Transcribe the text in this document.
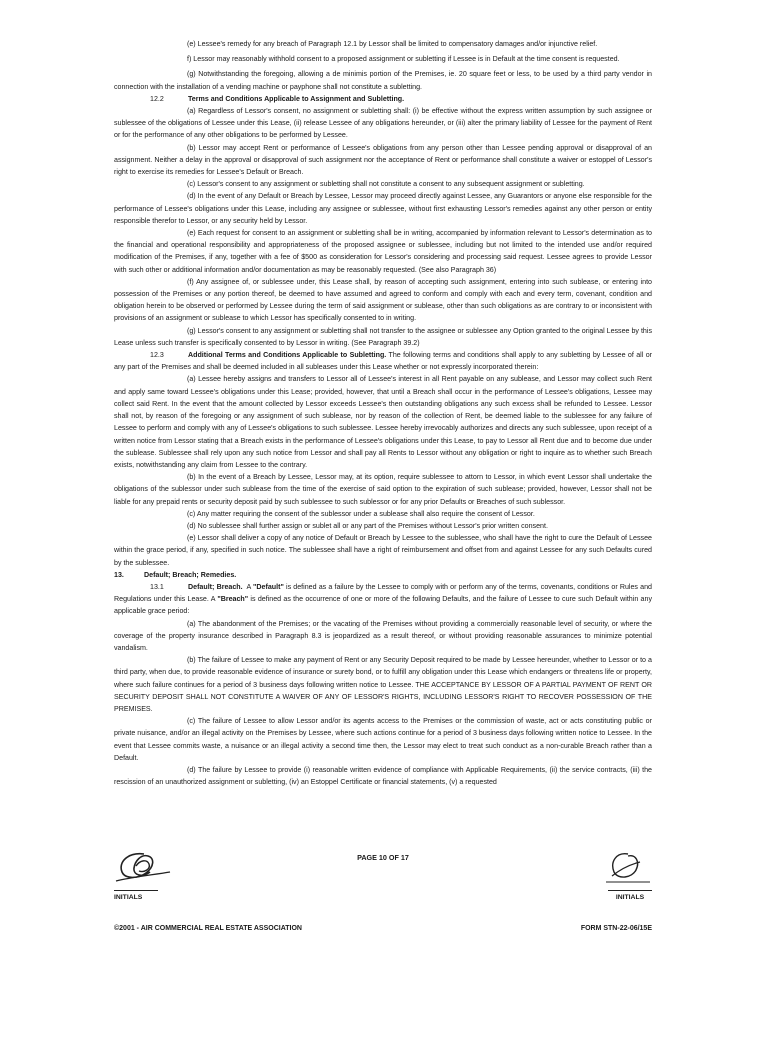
(e) Lessee's remedy for any breach of Paragraph 12.1 by Lessor shall be limited to compensatory damages and/or injunctive relief.

f) Lessor may reasonably withhold consent to a proposed assignment or subletting if Lessee is in Default at the time consent is requested.

(g) Notwithstanding the foregoing, allowing a de minimis portion of the Premises, ie. 20 square feet or less, to be used by a third party vendor in connection with the installation of a vending machine or payphone shall not constitute a subletting.

12.2	Terms and Conditions Applicable to Assignment and Subletting.

(a) Regardless of Lessor's consent, no assignment or subletting shall: (i) be effective without the express written assumption by such assignee or sublessee of the obligations of Lessee under this Lease, (ii) release Lessee of any obligations hereunder, or (iii) alter the primary liability of Lessee for the payment of Rent or for the performance of any other obligations to be performed by Lessee.

(b) Lessor may accept Rent or performance of Lessee's obligations from any person other than Lessee pending approval or disapproval of an assignment. Neither a delay in the approval or disapproval of such assignment nor the acceptance of Rent or performance shall constitute a waiver or estoppel of Lessor's right to exercise its remedies for Lessee's Default or Breach.

(c) Lessor's consent to any assignment or subletting shall not constitute a consent to any subsequent assignment or subletting.

(d) In the event of any Default or Breach by Lessee, Lessor may proceed directly against Lessee, any Guarantors or anyone else responsible for the performance of Lessee's obligations under this Lease, including any assignee or sublessee, without first exhausting Lessor's remedies against any other person or entity responsible therefor to Lessor, or any security held by Lessor.

(e) Each request for consent to an assignment or subletting shall be in writing, accompanied by information relevant to Lessor's determination as to the financial and operational responsibility and appropriateness of the proposed assignee or sublessee, including but not limited to the intended use and/or required modification of the Premises, if any, together with a fee of $500 as consideration for Lessor's considering and processing said request. Lessee agrees to provide Lessor with such other or additional information and/or documentation as may be reasonably requested. (See also Paragraph 36)

(f) Any assignee of, or sublessee under, this Lease shall, by reason of accepting such assignment, entering into such sublease, or entering into possession of the Premises or any portion thereof, be deemed to have assumed and agreed to conform and comply with each and every term, covenant, condition and obligation herein to be observed or performed by Lessee during the term of said assignment or sublease, other than such obligations as are contrary to or inconsistent with provisions of an assignment or sublease to which Lessor has specifically consented to in writing.

(g) Lessor's consent to any assignment or subletting shall not transfer to the assignee or sublessee any Option granted to the original Lessee by this Lease unless such transfer is specifically consented to by Lessor in writing. (See Paragraph 39.2)

12.3	Additional Terms and Conditions Applicable to Subletting. The following terms and conditions shall apply to any subletting by Lessee of all or any part of the Premises and shall be deemed included in all subleases under this Lease whether or not expressly incorporated therein:

(a) Lessee hereby assigns and transfers to Lessor all of Lessee's interest in all Rent payable on any sublease, and Lessor may collect such Rent and apply same toward Lessee's obligations under this Lease; provided, however, that until a Breach shall occur in the performance of Lessee's obligations, Lessee may collect said Rent. In the event that the amount collected by Lessor exceeds Lessee's then outstanding obligations any such excess shall be refunded to Lessee. Lessor shall not, by reason of the foregoing or any assignment of such sublease, nor by reason of the collection of Rent, be deemed liable to the sublessee for any failure of Lessee to perform and comply with any of Lessee's obligations to such sublessee. Lessee hereby irrevocably authorizes and directs any such sublessee, upon receipt of a written notice from Lessor stating that a Breach exists in the performance of Lessee's obligations under this Lease, to pay to Lessor all Rent due and to become due under the sublease. Sublessee shall rely upon any such notice from Lessor and shall pay all Rents to Lessor without any obligation or right to inquire as to whether such Breach exists, notwithstanding any claim from Lessee to the contrary.

(b) In the event of a Breach by Lessee, Lessor may, at its option, require sublessee to attorn to Lessor, in which event Lessor shall undertake the obligations of the sublessor under such sublease from the time of the exercise of said option to the expiration of such sublease; provided, however, Lessor shall not be liable for any prepaid rents or security deposit paid by such sublessee to such sublessor or for any prior Defaults or Breaches of such sublessor.

(c) Any matter requiring the consent of the sublessor under a sublease shall also require the consent of Lessor.

(d) No sublessee shall further assign or sublet all or any part of the Premises without Lessor's prior written consent.

(e) Lessor shall deliver a copy of any notice of Default or Breach by Lessee to the sublessee, who shall have the right to cure the Default of Lessee within the grace period, if any, specified in such notice. The sublessee shall have a right of reimbursement and offset from and against Lessee for any such Defaults cured by the sublessee.

13.	Default; Breach; Remedies.

13.1	Default; Breach. A "Default" is defined as a failure by the Lessee to comply with or perform any of the terms, covenants, conditions or Rules and Regulations under this Lease. A "Breach" is defined as the occurrence of one or more of the following Defaults, and the failure of Lessee to cure such Default within any applicable grace period:

(a) The abandonment of the Premises; or the vacating of the Premises without providing a commercially reasonable level of security, or where the coverage of the property insurance described in Paragraph 8.3 is jeopardized as a result thereof, or without providing reasonable assurances to minimize potential vandalism.

(b) The failure of Lessee to make any payment of Rent or any Security Deposit required to be made by Lessee hereunder, whether to Lessor or to a third party, when due, to provide reasonable evidence of insurance or surety bond, or to fulfill any obligation under this Lease which endangers or threatens life or property, where such failure continues for a period of 3 business days following written notice to Lessee. THE ACCEPTANCE BY LESSOR OF A PARTIAL PAYMENT OF RENT OR SECURITY DEPOSIT SHALL NOT CONSTITUTE A WAIVER OF ANY OF LESSOR'S RIGHTS, INCLUDING LESSOR'S RIGHT TO RECOVER POSSESSION OF THE PREMISES.

(c) The failure of Lessee to allow Lessor and/or its agents access to the Premises or the commission of waste, act or acts constituting public or private nuisance, and/or an illegal activity on the Premises by Lessee, where such actions continue for a period of 3 business days following written notice to Lessee. In the event that Lessee commits waste, a nuisance or an illegal activity a second time then, the Lessor may elect to treat such conduct as a non-curable Breach rather than a Default.

(d) The failure by Lessee to provide (i) reasonable written evidence of compliance with Applicable Requirements, (ii) the service contracts, (iii) the rescission of an unauthorized assignment or subletting, (iv) an Estoppel Certificate or financial statements, (v) a requested

INITIALS
PAGE 10 OF 17
INITIALS
©2001 - AIR COMMERCIAL REAL ESTATE ASSOCIATION	FORM STN-22-06/15E
